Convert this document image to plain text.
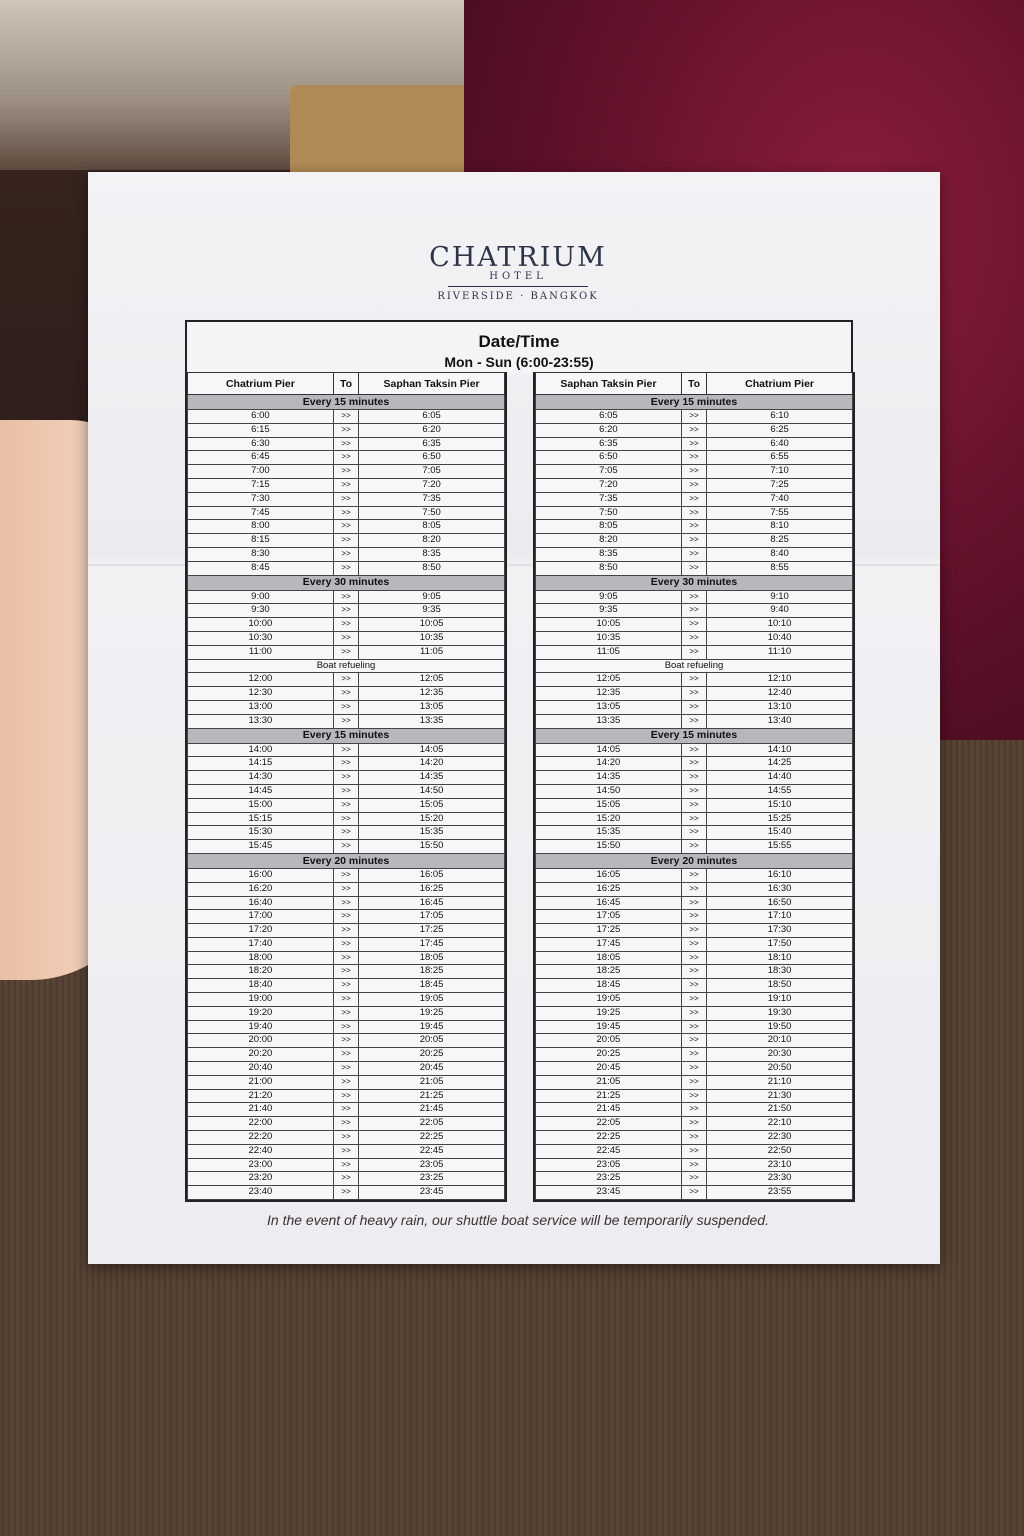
CHATRIUM
HOTEL
RIVERSIDE · BANGKOK
Date/Time
Mon - Sun (6:00-23:55)
Chatrium Pier	To	Saphan Taksin Pier
Every 15 minutes		
6:00	>>	6:05
6:15	>>	6:20
6:30	>>	6:35
6:45	>>	6:50
7:00	>>	7:05
7:15	>>	7:20
7:30	>>	7:35
7:45	>>	7:50
8:00	>>	8:05
8:15	>>	8:20
8:30	>>	8:35
8:45	>>	8:50
Every 30 minutes		
9:00	>>	9:05
9:30	>>	9:35
10:00	>>	10:05
10:30	>>	10:35
11:00	>>	11:05
Boat refueling		
12:00	>>	12:05
12:30	>>	12:35
13:00	>>	13:05
13:30	>>	13:35
Every 15 minutes		
14:00	>>	14:05
14:15	>>	14:20
14:30	>>	14:35
14:45	>>	14:50
15:00	>>	15:05
15:15	>>	15:20
15:30	>>	15:35
15:45	>>	15:50
Every 20 minutes		
16:00	>>	16:05
16:20	>>	16:25
16:40	>>	16:45
17:00	>>	17:05
17:20	>>	17:25
17:40	>>	17:45
18:00	>>	18:05
18:20	>>	18:25
18:40	>>	18:45
19:00	>>	19:05
19:20	>>	19:25
19:40	>>	19:45
20:00	>>	20:05
20:20	>>	20:25
20:40	>>	20:45
21:00	>>	21:05
21:20	>>	21:25
21:40	>>	21:45
22:00	>>	22:05
22:20	>>	22:25
22:40	>>	22:45
23:00	>>	23:05
23:20	>>	23:25
23:40	>>	23:45
Saphan Taksin Pier	To	Chatrium Pier
Every 15 minutes		
6:05	>>	6:10
6:20	>>	6:25
6:35	>>	6:40
6:50	>>	6:55
7:05	>>	7:10
7:20	>>	7:25
7:35	>>	7:40
7:50	>>	7:55
8:05	>>	8:10
8:20	>>	8:25
8:35	>>	8:40
8:50	>>	8:55
Every 30 minutes		
9:05	>>	9:10
9:35	>>	9:40
10:05	>>	10:10
10:35	>>	10:40
11:05	>>	11:10
Boat refueling		
12:05	>>	12:10
12:35	>>	12:40
13:05	>>	13:10
13:35	>>	13:40
Every 15 minutes		
14:05	>>	14:10
14:20	>>	14:25
14:35	>>	14:40
14:50	>>	14:55
15:05	>>	15:10
15:20	>>	15:25
15:35	>>	15:40
15:50	>>	15:55
Every 20 minutes		
16:05	>>	16:10
16:25	>>	16:30
16:45	>>	16:50
17:05	>>	17:10
17:25	>>	17:30
17:45	>>	17:50
18:05	>>	18:10
18:25	>>	18:30
18:45	>>	18:50
19:05	>>	19:10
19:25	>>	19:30
19:45	>>	19:50
20:05	>>	20:10
20:25	>>	20:30
20:45	>>	20:50
21:05	>>	21:10
21:25	>>	21:30
21:45	>>	21:50
22:05	>>	22:10
22:25	>>	22:30
22:45	>>	22:50
23:05	>>	23:10
23:25	>>	23:30
23:45	>>	23:55
In the event of heavy rain, our shuttle boat service will be temporarily suspended.
